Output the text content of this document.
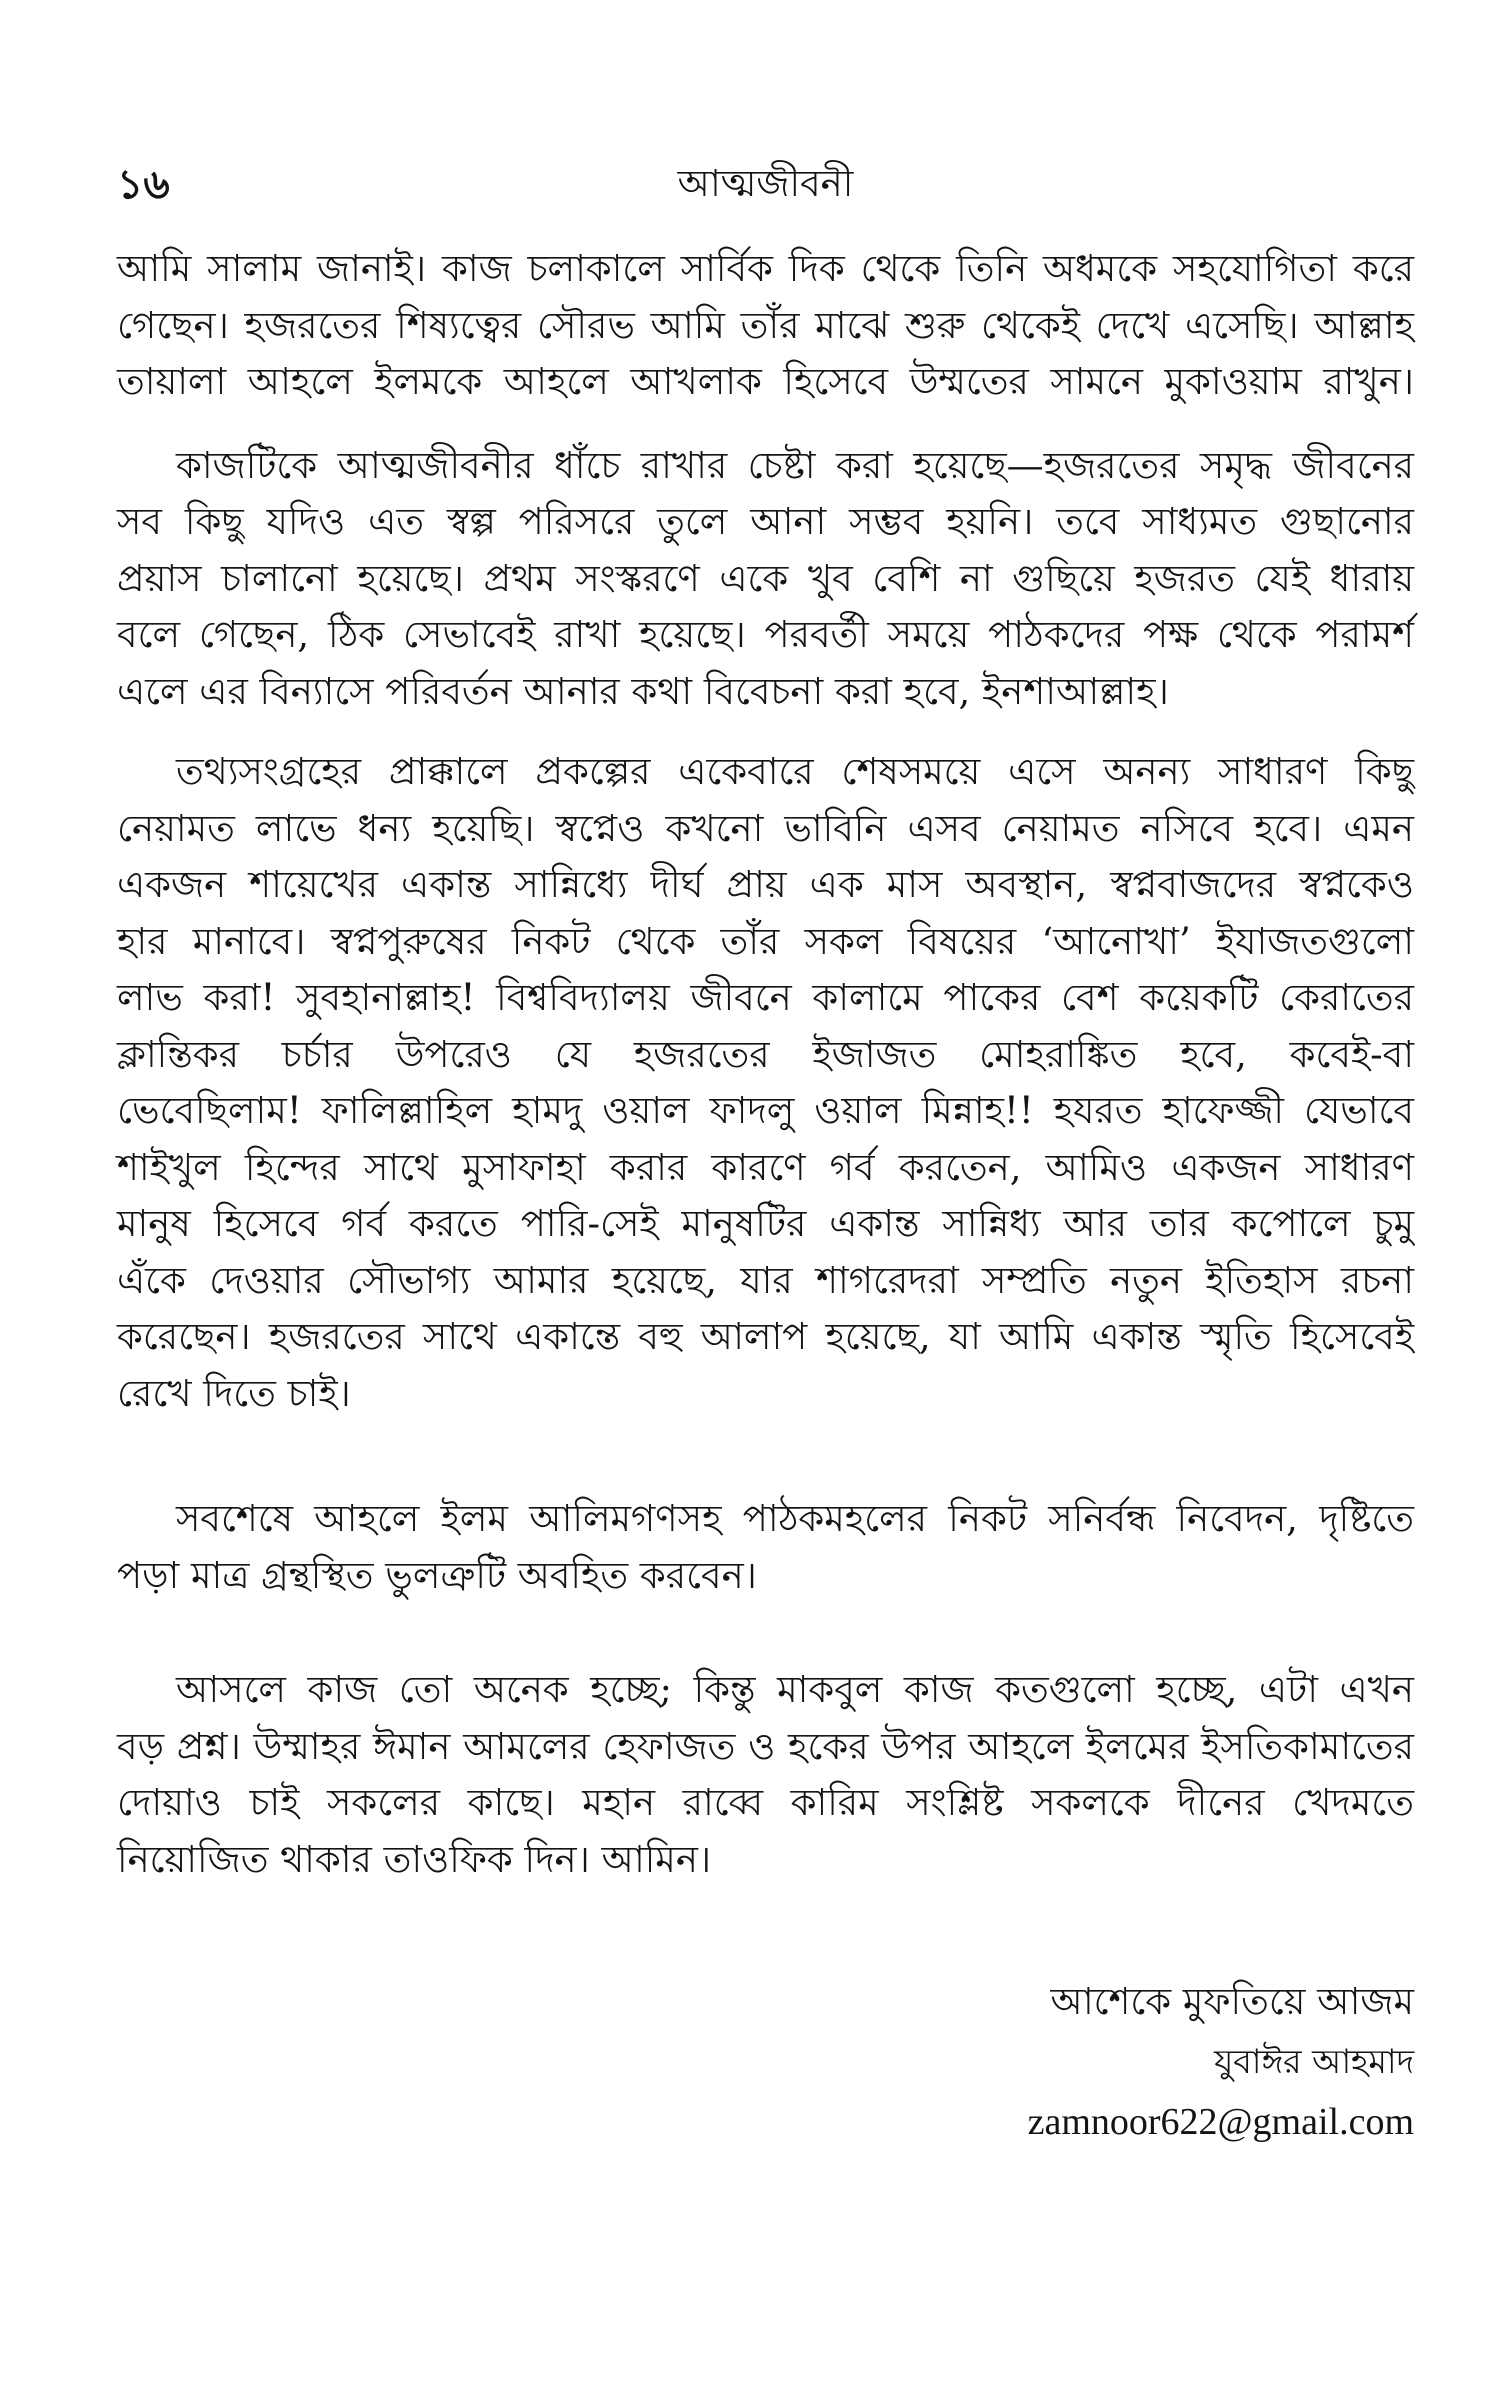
১৬	আত্মজীবনী
আমি সালাম জানাই। কাজ চলাকালে সার্বিক দিক থেকে তিনি অধমকে সহযোগিতা করে
গেছেন। হজরতের শিষ্যত্বের সৌরভ আমি তাঁর মাঝে শুরু থেকেই দেখে এসেছি। আল্লাহ
তায়ালা আহলে ইলমকে আহলে আখলাক হিসেবে উম্মতের সামনে মুকাওয়াম রাখুন।
কাজটিকে আত্মজীবনীর ধাঁচে রাখার চেষ্টা করা হয়েছে—হজরতের সমৃদ্ধ জীবনের
সব কিছু যদিও এত স্বল্প পরিসরে তুলে আনা সম্ভব হয়নি। তবে সাধ্যমত গুছানোর
প্রয়াস চালানো হয়েছে। প্রথম সংস্করণে একে খুব বেশি না গুছিয়ে হজরত যেই ধারায়
বলে গেছেন, ঠিক সেভাবেই রাখা হয়েছে। পরবর্তী সময়ে পাঠকদের পক্ষ থেকে পরামর্শ
এলে এর বিন্যাসে পরিবর্তন আনার কথা বিবেচনা করা হবে, ইনশাআল্লাহ।
তথ্যসংগ্রহের প্রাক্কালে প্রকল্পের একেবারে শেষসময়ে এসে অনন্য সাধারণ কিছু
নেয়ামত লাভে ধন্য হয়েছি। স্বপ্নেও কখনো ভাবিনি এসব নেয়ামত নসিবে হবে। এমন
একজন শায়েখের একান্ত সান্নিধ্যে দীর্ঘ প্রায় এক মাস অবস্থান, স্বপ্নবাজদের স্বপ্নকেও
হার মানাবে। স্বপ্নপুরুষের নিকট থেকে তাঁর সকল বিষয়ের ‘আনোখা’ ইযাজতগুলো
লাভ করা! সুবহানাল্লাহ! বিশ্ববিদ্যালয় জীবনে কালামে পাকের বেশ কয়েকটি কেরাতের
ক্লান্তিকর চর্চার উপরেও যে হজরতের ইজাজত মোহরাঙ্কিত হবে, কবেই-বা
ভেবেছিলাম! ফালিল্লাহিল হামদু ওয়াল ফাদলু ওয়াল মিন্নাহ!! হযরত হাফেজ্জী যেভাবে
শাইখুল হিন্দের সাথে মুসাফাহা করার কারণে গর্ব করতেন, আমিও একজন সাধারণ
মানুষ হিসেবে গর্ব করতে পারি-সেই মানুষটির একান্ত সান্নিধ্য আর তার কপোলে চুমু
এঁকে দেওয়ার সৌভাগ্য আমার হয়েছে, যার শাগরেদরা সম্প্রতি নতুন ইতিহাস রচনা
করেছেন। হজরতের সাথে একান্তে বহু আলাপ হয়েছে, যা আমি একান্ত স্মৃতি হিসেবেই
রেখে দিতে চাই।
সবশেষে আহলে ইলম আলিমগণসহ পাঠকমহলের নিকট সনির্বন্ধ নিবেদন, দৃষ্টিতে
পড়া মাত্র গ্রন্থস্থিত ভুলত্রুটি অবহিত করবেন।
আসলে কাজ তো অনেক হচ্ছে; কিন্তু মাকবুল কাজ কতগুলো হচ্ছে, এটা এখন
বড় প্রশ্ন। উম্মাহর ঈমান আমলের হেফাজত ও হকের উপর আহলে ইলমের ইসতিকামাতের
দোয়াও চাই সকলের কাছে। মহান রাব্বে কারিম সংশ্লিষ্ট সকলকে দীনের খেদমতে
নিয়োজিত থাকার তাওফিক দিন। আমিন।
আশেকে মুফতিয়ে আজম
যুবাঈর আহমাদ
zamnoor622@gmail.com
